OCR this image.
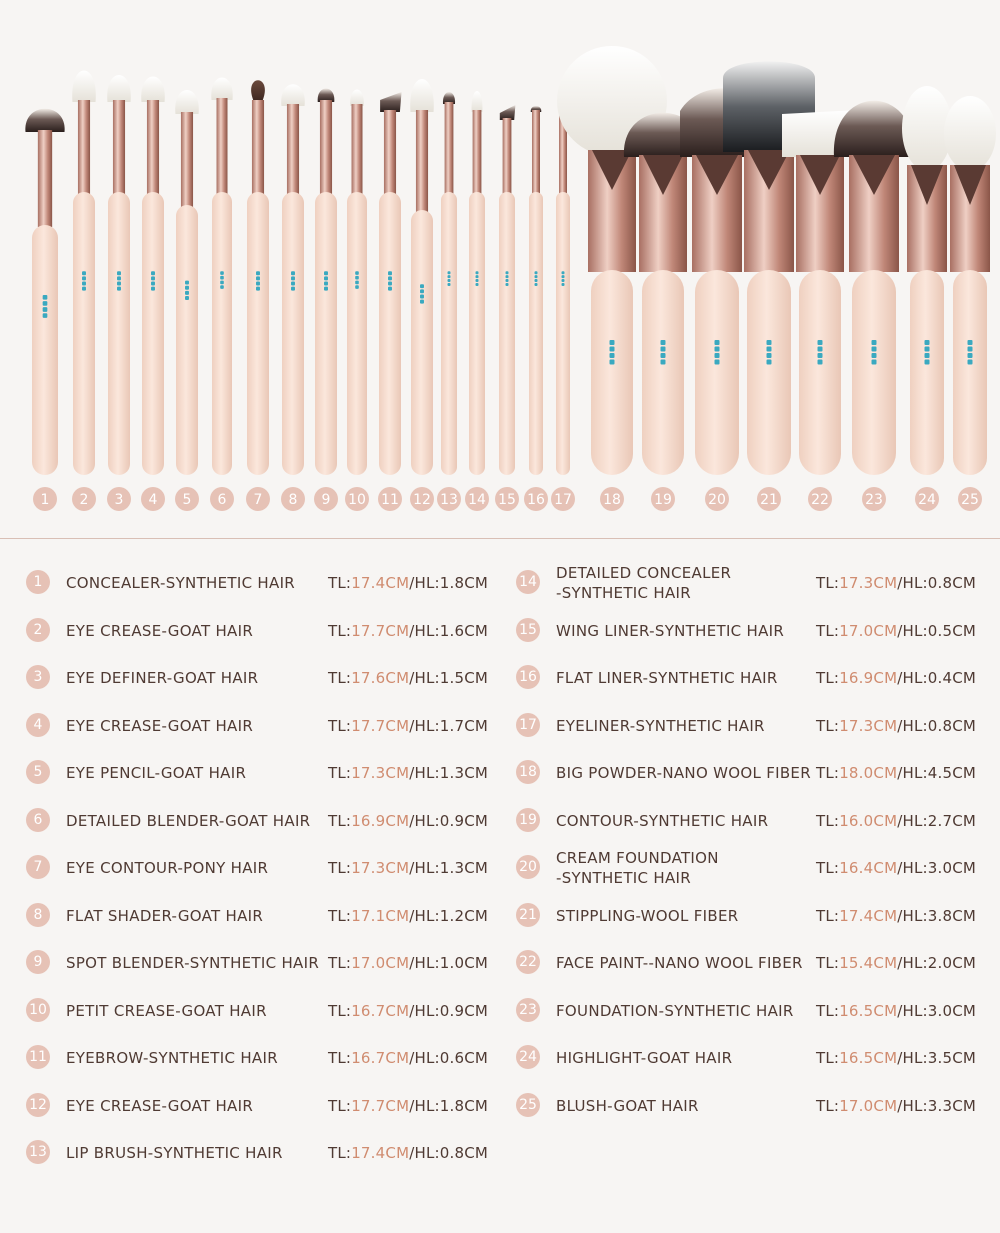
1 2 3 4 5 6 7 8 9 10 11 12 13 14 15 16 17 18 19	20 21 22	23	24 25
1	CONCEALER-SYNTHETIC HAIR	TL: 17.4 CM /HL: 1.8 CM
2	EYE CREASE-GOAT HAIR	TL: 17.7 CM /HL: 1.6 CM
3	EYE DEFINER-GOAT HAIR	TL: 17.6 CM /HL: 1.5 CM
4	EYE CREASE-GOAT HAIR	TL: 17.7 CM /HL: 1.7 CM
5	EYE PENCIL-GOAT HAIR	TL: 17.3 CM /HL: 1.3 CM
6	DETAILED BLENDER-GOAT HAIR	TL: 16.9 CM /HL: 0.9 CM
7	EYE CONTOUR-PONY HAIR	TL: 17.3 CM /HL: 1.3 CM
8	FLAT SHADER-GOAT HAIR	TL: 17.1 CM /HL: 1.2 CM
9	SPOT BLENDER-SYNTHETIC HAIR TL: 17.0 CM /HL: 1.0 CM
10 PETIT CREASE-GOAT HAIR	TL: 16.7 CM /HL: 0.9 CM
11 EYEBROW-SYNTHETIC HAIR	TL: 16.7 CM /HL: 0.6 CM
12 EYE CREASE-GOAT HAIR	TL: 17.7 CM /HL: 1.8 CM
13 LIP BRUSH-SYNTHETIC HAIR	TL: 17.4 CM /HL: 0.8 CM
14 DETAILED CONCEALER
-SYNTHETIC HAIR
TL: 17.3 CM /HL: 0.8 CM
15 WING LINER-SYNTHETIC HAIR	TL: 17.0 CM /HL: 0.5 CM
16 FLAT LINER-SYNTHETIC HAIR	TL: 16.9 CM /HL: 0.4 CM
17 EYELINER-SYNTHETIC HAIR	TL: 17.3 CM /HL: 0.8 CM
18 BIG POWDER-NANO WOOL FIBER TL: 18.0 CM /HL: 4.5 CM
19 CONTOUR-SYNTHETIC HAIR	TL: 16.0 CM /HL: 2.7 CM
20 CREAM FOUNDATION
-SYNTHETIC HAIR
TL: 16.4 CM /HL: 3.0 CM
21 STIPPLING-WOOL FIBER	TL: 17.4 CM /HL: 3.8 CM
22 FACE PAINT--NANO WOOL FIBER TL: 15.4 CM /HL: 2.0 CM
23 FOUNDATION-SYNTHETIC HAIR	TL: 16.5 CM /HL: 3.0 CM
24 HIGHLIGHT-GOAT HAIR	TL: 16.5 CM /HL: 3.5 CM
25 BLUSH-GOAT HAIR	TL: 17.0 CM /HL: 3.3 CM
